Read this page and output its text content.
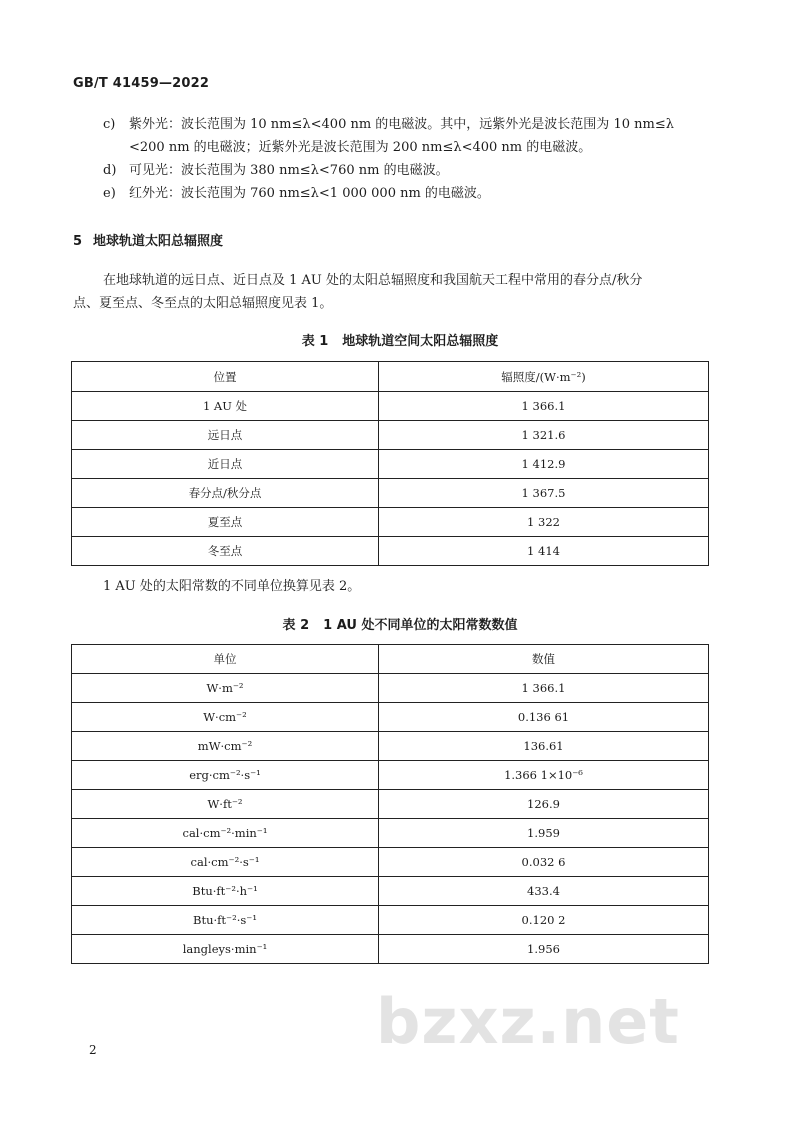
GB/T 41459—2022
c) 紫外光：波长范围为 10 nm≤λ<400 nm 的电磁波。其中，远紫外光是波长范围为 10 nm≤λ
<200 nm 的电磁波；近紫外光是波长范围为 200 nm≤λ<400 nm 的电磁波。
d) 可见光：波长范围为 380 nm≤λ<760 nm 的电磁波。
e) 红外光：波长范围为 760 nm≤λ<1 000 000 nm 的电磁波。
5 地球轨道太阳总辐照度
在地球轨道的远日点、近日点及 1 AU 处的太阳总辐照度和我国航天工程中常用的春分点/秋分
点、夏至点、冬至点的太阳总辐照度见表 1。
表 1 地球轨道空间太阳总辐照度
位置	辐照度/(W·m⁻²)
1 AU 处	1 366.1
远日点	1 321.6
近日点	1 412.9
春分点/秋分点	1 367.5
夏至点	1 322
冬至点	1 414
1 AU 处的太阳常数的不同单位换算见表 2。
表 2 1 AU 处不同单位的太阳常数数值
单位	数值
W·m⁻²	1 366.1
W·cm⁻²	0.136 61
mW·cm⁻²	136.61
erg·cm⁻²·s⁻¹	1.366 1×10⁻⁶
W·ft⁻²	126.9
cal·cm⁻²·min⁻¹	1.959
cal·cm⁻²·s⁻¹	0.032 6
Btu·ft⁻²·h⁻¹	433.4
Btu·ft⁻²·s⁻¹	0.120 2
langleys·min⁻¹	1.956
bzxz.net
2
